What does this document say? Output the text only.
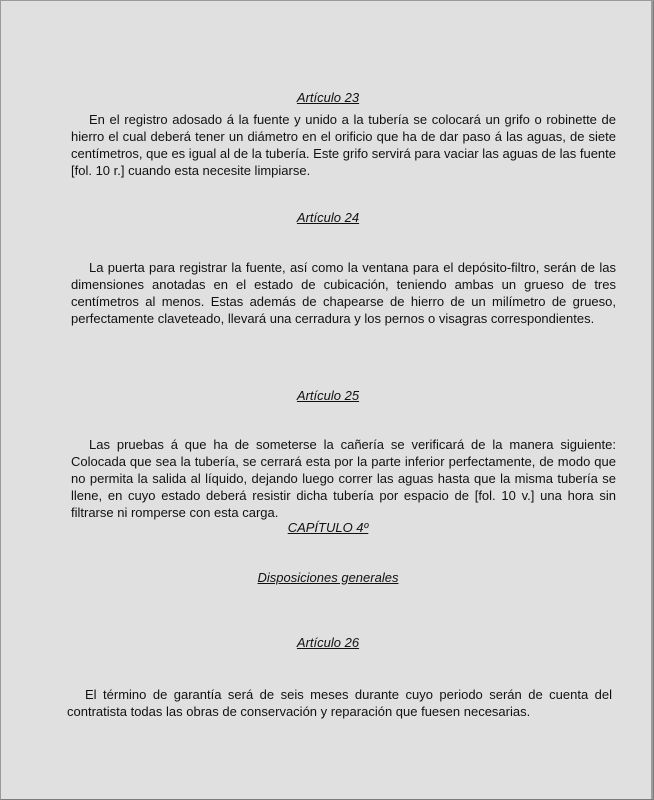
Artículo 23

En el registro adosado á la fuente y unido a la tubería se colocará un grifo o robinette de
hierro el cual deberá tener un diámetro en el orificio que ha de dar paso á las aguas, de siete
centímetros, que es igual al de la tubería. Este grifo servirá para vaciar las aguas de las fuente
[fol. 10 r.] cuando esta necesite limpiarse.

Artículo 24

La puerta para registrar la fuente, así como la ventana para el depósito-filtro, serán de las
dimensiones anotadas en el estado de cubicación, teniendo ambas un grueso de tres
centímetros al menos. Estas además de chapearse de hierro de un milímetro de grueso,
perfectamente claveteado, llevará una cerradura y los pernos o visagras correspondientes.

Artículo 25

Las pruebas á que ha de someterse la cañería se verificará de la manera siguiente:
Colocada que sea la tubería, se cerrará esta por la parte inferior perfectamente, de modo que
no permita la salida al líquido, dejando luego correr las aguas hasta que la misma tubería se
llene, en cuyo estado deberá resistir dicha tubería por espacio de [fol. 10 v.] una hora sin
filtrarse ni romperse con esta carga.

CAPÍTULO 4º

Disposiciones generales

Artículo 26

El término de garantía será de seis meses durante cuyo periodo serán de cuenta del
contratista todas las obras de conservación y reparación que fuesen necesarias.
